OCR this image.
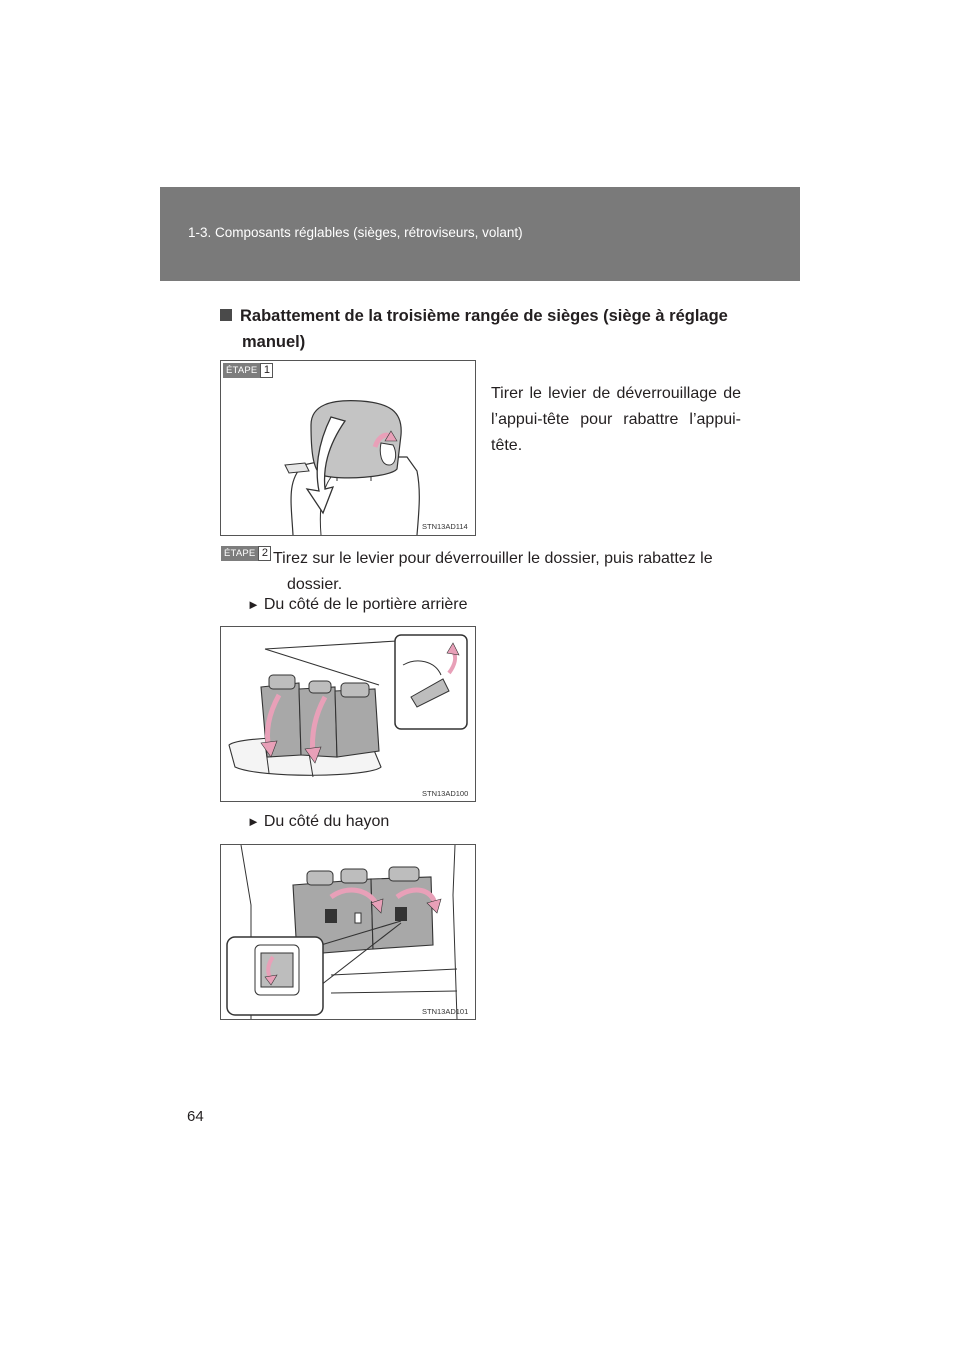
1-3. Composants réglables (sièges, rétroviseurs, volant)
Rabattement de la troisième rangée de sièges (siège à réglage
manuel)
STN13AD114
ÉTAPE 1
Tirer le levier de déverrouillage de l’appui-tête pour rabattre l’appui-tête.
ÉTAPE 2 Tirez sur le levier pour déverrouiller le dossier, puis rabattez le
dossier.
► Du côté de le portière arrière
STN13AD100
► Du côté du hayon
STN13AD101
64
